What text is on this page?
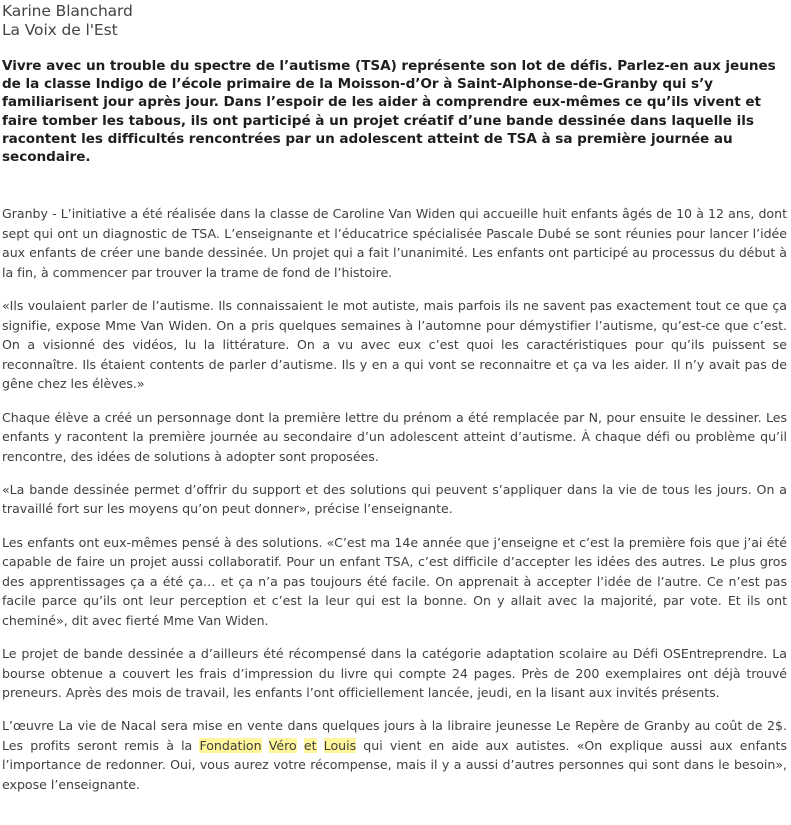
Karine Blanchard
La Voix de l'Est
Vivre avec un trouble du spectre de l’autisme (TSA) représente son lot de défis. Parlez-en aux jeunes de la classe Indigo de l’école primaire de la Moisson-d’Or à Saint-Alphonse-de-Granby qui s’y familiarisent jour après jour. Dans l’espoir de les aider à comprendre eux-mêmes ce qu’ils vivent et faire tomber les tabous, ils ont participé à un projet créatif d’une bande dessinée dans laquelle ils racontent les difficultés rencontrées par un adolescent atteint de TSA à sa première journée au secondaire.

Granby - L’initiative a été réalisée dans la classe de Caroline Van Widen qui accueille huit enfants âgés de 10 à 12 ans, dont sept qui ont un diagnostic de TSA. L’enseignante et l’éducatrice spécialisée Pascale Dubé se sont réunies pour lancer l’idée aux enfants de créer une bande dessinée. Un projet qui a fait l’unanimité. Les enfants ont participé au processus du début à la fin, à commencer par trouver la trame de fond de l’histoire.

«Ils voulaient parler de l’autisme. Ils connaissaient le mot autiste, mais parfois ils ne savent pas exactement tout ce que ça signifie, expose Mme Van Widen. On a pris quelques semaines à l’automne pour démystifier l’autisme, qu’est-ce que c’est. On a visionné des vidéos, lu la littérature. On a vu avec eux c’est quoi les caractéristiques pour qu’ils puissent se reconnaître. Ils étaient contents de parler d’autisme. Ils y en a qui vont se reconnaitre et ça va les aider. Il n’y avait pas de gêne chez les élèves.»

Chaque élève a créé un personnage dont la première lettre du prénom a été remplacée par N, pour ensuite le dessiner. Les enfants y racontent la première journée au secondaire d’un adolescent atteint d’autisme. À chaque défi ou problème qu’il rencontre, des idées de solutions à adopter sont proposées.

«La bande dessinée permet d’offrir du support et des solutions qui peuvent s’appliquer dans la vie de tous les jours. On a travaillé fort sur les moyens qu’on peut donner», précise l’enseignante.

Les enfants ont eux-mêmes pensé à des solutions. «C’est ma 14e année que j’enseigne et c’est la première fois que j’ai été capable de faire un projet aussi collaboratif. Pour un enfant TSA, c’est difficile d’accepter les idées des autres. Le plus gros des apprentissages ça a été ça… et ça n’a pas toujours été facile. On apprenait à accepter l’idée de l’autre. Ce n’est pas facile parce qu’ils ont leur perception et c’est la leur qui est la bonne. On y allait avec la majorité, par vote. Et ils ont cheminé», dit avec fierté Mme Van Widen.

Le projet de bande dessinée a d’ailleurs été récompensé dans la catégorie adaptation scolaire au Défi OSEntreprendre. La bourse obtenue a couvert les frais d’impression du livre qui compte 24 pages. Près de 200 exemplaires ont déjà trouvé preneurs. Après des mois de travail, les enfants l’ont officiellement lancée, jeudi, en la lisant aux invités présents.

L’œuvre La vie de Nacal sera mise en vente dans quelques jours à la libraire jeunesse Le Repère de Granby au coût de 2$. Les profits seront remis à la Fondation Véro et Louis qui vient en aide aux autistes. «On explique aussi aux enfants l’importance de redonner. Oui, vous aurez votre récompense, mais il y a aussi d’autres personnes qui sont dans le besoin», expose l’enseignante.
